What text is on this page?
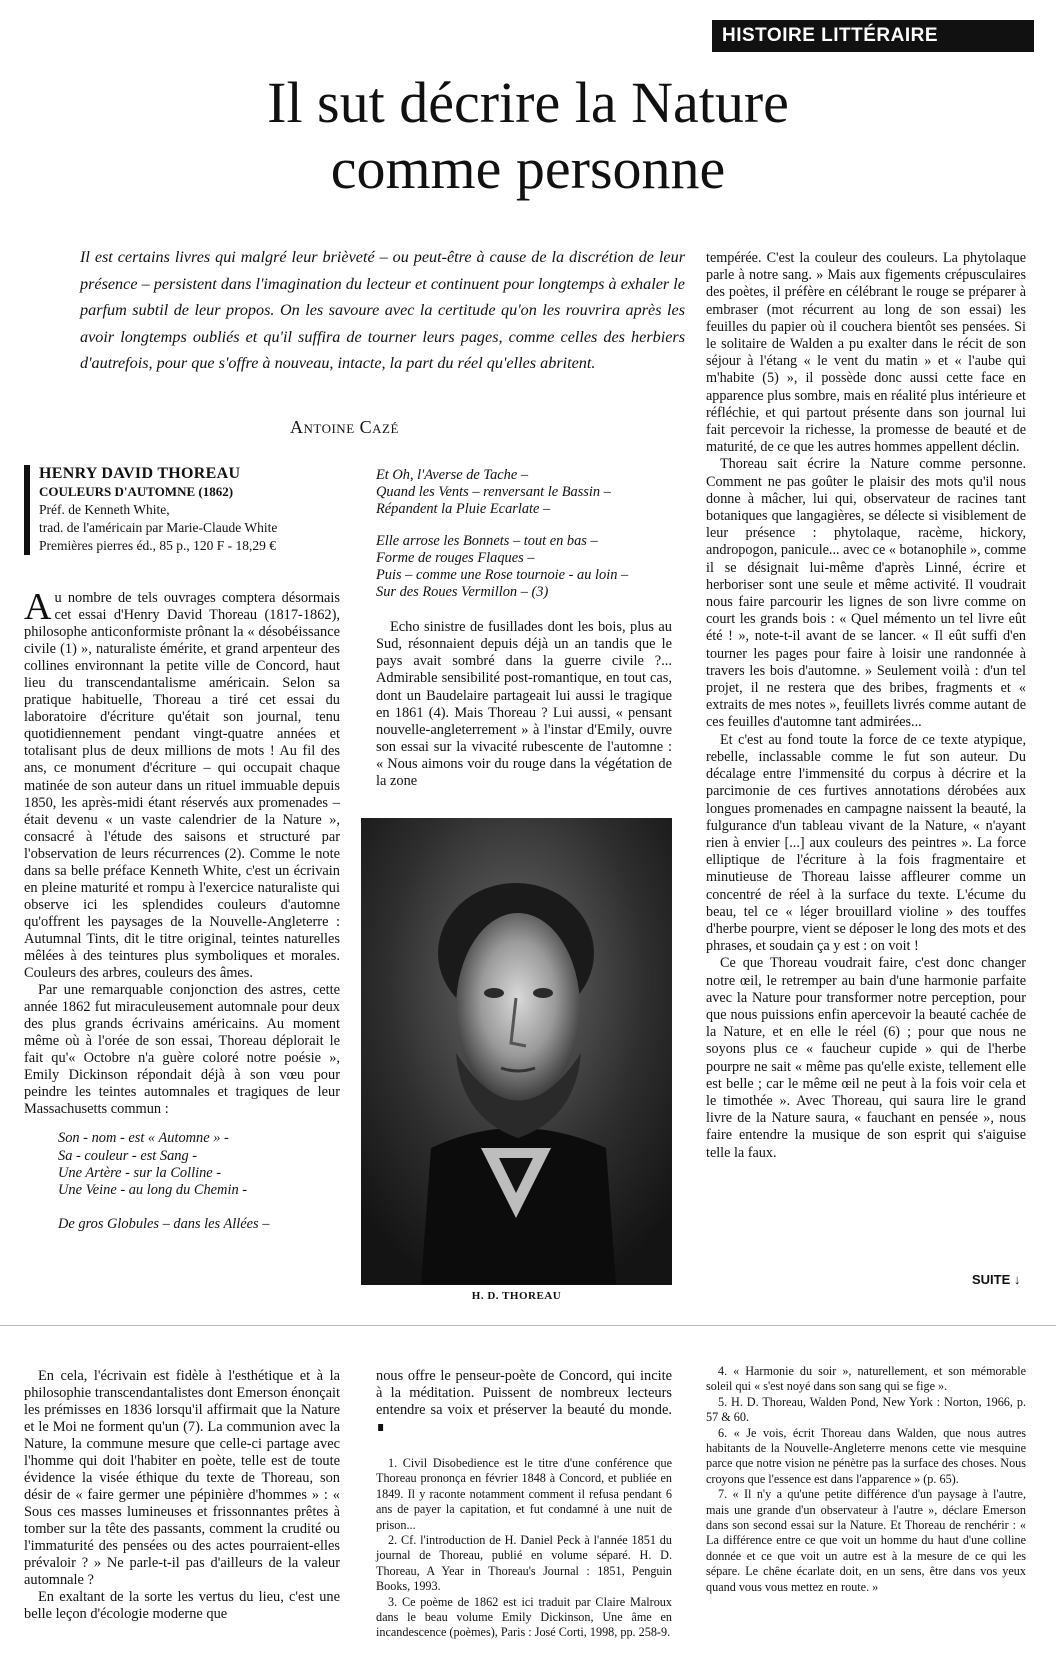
HISTOIRE LITTÉRAIRE
Il sut décrire la Nature
comme personne
Il est certains livres qui malgré leur brièveté – ou peut-être à cause de la discrétion de leur présence – persistent dans l'imagination du lecteur et continuent pour longtemps à exhaler le parfum subtil de leur propos. On les savoure avec la certitude qu'on les rouvrira après les avoir longtemps oubliés et qu'il suffira de tourner leurs pages, comme celles des herbiers d'autrefois, pour que s'offre à nouveau, intacte, la part du réel qu'elles abritent.
Antoine Cazé
HENRY DAVID THOREAU
COULEURS D'AUTOMNE (1862)
Préf. de Kenneth White,
trad. de l'américain par Marie-Claude White
Premières pierres éd., 85 p., 120 F - 18,29 €

Au nombre de tels ouvrages comptera désormais cet essai d'Henry David Thoreau (1817-1862), philosophe anticonformiste prônant la « désobéissance civile (1) », naturaliste émérite, et grand arpenteur des collines environnant la petite ville de Concord, haut lieu du transcendantalisme américain. Selon sa pratique habituelle, Thoreau a tiré cet essai du laboratoire d'écriture qu'était son journal, tenu quotidiennement pendant vingt-quatre années et totalisant plus de deux millions de mots ! Au fil des ans, ce monument d'écriture – qui occupait chaque matinée de son auteur dans un rituel immuable depuis 1850, les après-midi étant réservés aux promenades – était devenu « un vaste calendrier de la Nature », consacré à l'étude des saisons et structuré par l'observation de leurs récurrences (2). Comme le note dans sa belle préface Kenneth White, c'est un écrivain en pleine maturité et rompu à l'exercice naturaliste qui observe ici les splendides couleurs d'automne qu'offrent les paysages de la Nouvelle-Angleterre : Autumnal Tints, dit le titre original, teintes naturelles mêlées à des teintures plus symboliques et morales. Couleurs des arbres, couleurs des âmes.

Par une remarquable conjonction des astres, cette année 1862 fut miraculeusement automnale pour deux des plus grands écrivains américains. Au moment même où à l'orée de son essai, Thoreau déplorait le fait qu'« Octobre n'a guère coloré notre poésie », Emily Dickinson répondait déjà à son vœu pour peindre les teintes automnales et tragiques de leur Massachusetts commun :

Son - nom - est « Automne » -
Sa - couleur - est Sang -
Une Artère - sur la Colline -
Une Veine - au long du Chemin -
De gros Globules – dans les Allées –
Et Oh, l'Averse de Tache –
Quand les Vents – renversant le Bassin –
Répandent la Pluie Ecarlate –
Elle arrose les Bonnets – tout en bas –
Forme de rouges Flaques –
Puis – comme une Rose tournoie - au loin –
Sur des Roues Vermillon – (3)

Echo sinistre de fusillades dont les bois, plus au Sud, résonnaient depuis déjà un an tandis que le pays avait sombré dans la guerre civile ?... Admirable sensibilité post-romantique, en tout cas, dont un Baudelaire partageait lui aussi le tragique en 1861 (4). Mais Thoreau ? Lui aussi, « pensant nouvelle-angleterrement » à l'instar d'Emily, ouvre son essai sur la vivacité rubescente de l'automne : « Nous aimons voir du rouge dans la végétation de la zone

H. D. THOREAU

tempérée. C'est la couleur des couleurs. La phytolaque parle à notre sang. » Mais aux figements crépusculaires des poètes, il préfère en célébrant le rouge se préparer à embraser (mot récurrent au long de son essai) les feuilles du papier où il couchera bientôt ses pensées. Si le solitaire de Walden a pu exalter dans le récit de son séjour à l'étang « le vent du matin » et « l'aube qui m'habite (5) », il possède donc aussi cette face en apparence plus sombre, mais en réalité plus intérieure et réfléchie, et qui partout présente dans son journal lui fait percevoir la richesse, la promesse de beauté et de maturité, de ce que les autres hommes appellent déclin.

Thoreau sait écrire la Nature comme personne. Comment ne pas goûter le plaisir des mots qu'il nous donne à mâcher, lui qui, observateur de racines tant botaniques que langagières, se délecte si visiblement de leur présence : phytolaque, racème, hickory, andropogon, panicule... avec ce « botanophile », comme il se désignait lui-même d'après Linné, écrire et herboriser sont une seule et même activité. Il voudrait nous faire parcourir les lignes de son livre comme on court les grands bois : « Quel mémento un tel livre eût été ! », note-t-il avant de se lancer. « Il eût suffi d'en tourner les pages pour faire à loisir une randonnée à travers les bois d'automne. » Seulement voilà : d'un tel projet, il ne restera que des bribes, fragments et « extraits de mes notes », feuillets livrés comme autant de ces feuilles d'automne tant admirées...

Et c'est au fond toute la force de ce texte atypique, rebelle, inclassable comme le fut son auteur. Du décalage entre l'immensité du corpus à décrire et la parcimonie de ces furtives annotations dérobées aux longues promenades en campagne naissent la beauté, la fulgurance d'un tableau vivant de la Nature, « n'ayant rien à envier [...] aux couleurs des peintres ». La force elliptique de l'écriture à la fois fragmentaire et minutieuse de Thoreau laisse affleurer comme un concentré de réel à la surface du texte. L'écume du beau, tel ce « léger brouillard violine » des touffes d'herbe pourpre, vient se déposer le long des mots et des phrases, et soudain ça y est : on voit !

Ce que Thoreau voudrait faire, c'est donc changer notre œil, le retremper au bain d'une harmonie parfaite avec la Nature pour transformer notre perception, pour que nous puissions enfin apercevoir la beauté cachée de la Nature, et en elle le réel (6) ; pour que nous ne soyons plus ce « faucheur cupide » qui de l'herbe pourpre ne sait « même pas qu'elle existe, tellement elle est belle ; car le même œil ne peut à la fois voir cela et le timothée ». Avec Thoreau, qui saura lire le grand livre de la Nature saura, « fauchant en pensée », nous faire entendre la musique de son esprit qui s'aiguise telle la faux.

SUITE ↓

En cela, l'écrivain est fidèle à l'esthétique et à la philosophie transcendantalistes dont Emerson énonçait les prémisses en 1836 lorsqu'il affirmait que la Nature et le Moi ne forment qu'un (7). La communion avec la Nature, la commune mesure que celle-ci partage avec l'homme qui doit l'habiter en poète, telle est de toute évidence la visée éthique du texte de Thoreau, son désir de « faire germer une pépinière d'hommes » : « Sous ces masses lumineuses et frissonnantes prêtes à tomber sur la tête des passants, comment la crudité ou l'immaturité des pensées ou des actes pourraient-elles prévaloir ? » Ne parle-t-il pas d'ailleurs de la valeur automnale ?

En exaltant de la sorte les vertus du lieu, c'est une belle leçon d'écologie moderne que

nous offre le penseur-poète de Concord, qui incite à la méditation. Puissent de nombreux lecteurs entendre sa voix et préserver la beauté du monde. ∎

1. Civil Disobedience est le titre d'une conférence que Thoreau prononça en février 1848 à Concord, et publiée en 1849. Il y raconte notamment comment il refusa pendant 6 ans de payer la capitation, et fut condamné à une nuit de prison...

2. Cf. l'introduction de H. Daniel Peck à l'année 1851 du journal de Thoreau, publié en volume séparé. H. D. Thoreau, A Year in Thoreau's Journal : 1851, Penguin Books, 1993.

3. Ce poème de 1862 est ici traduit par Claire Malroux dans le beau volume Emily Dickinson, Une âme en incandescence (poèmes), Paris : José Corti, 1998, pp. 258-9.

4. « Harmonie du soir », naturellement, et son mémorable soleil qui « s'est noyé dans son sang qui se fige ».

5. H. D. Thoreau, Walden Pond, New York : Norton, 1966, p. 57 & 60.

6. « Je vois, écrit Thoreau dans Walden, que nous autres habitants de la Nouvelle-Angleterre menons cette vie mesquine parce que notre vision ne pénètre pas la surface des choses. Nous croyons que l'essence est dans l'apparence » (p. 65).

7. « Il n'y a qu'une petite différence d'un paysage à l'autre, mais une grande d'un observateur à l'autre », déclare Emerson dans son second essai sur la Nature. Et Thoreau de renchérir : « La différence entre ce que voit un homme du haut d'une colline donnée et ce que voit un autre est à la mesure de ce qui les sépare. Le chêne écarlate doit, en un sens, être dans vos yeux quand vous vous mettez en route. »
